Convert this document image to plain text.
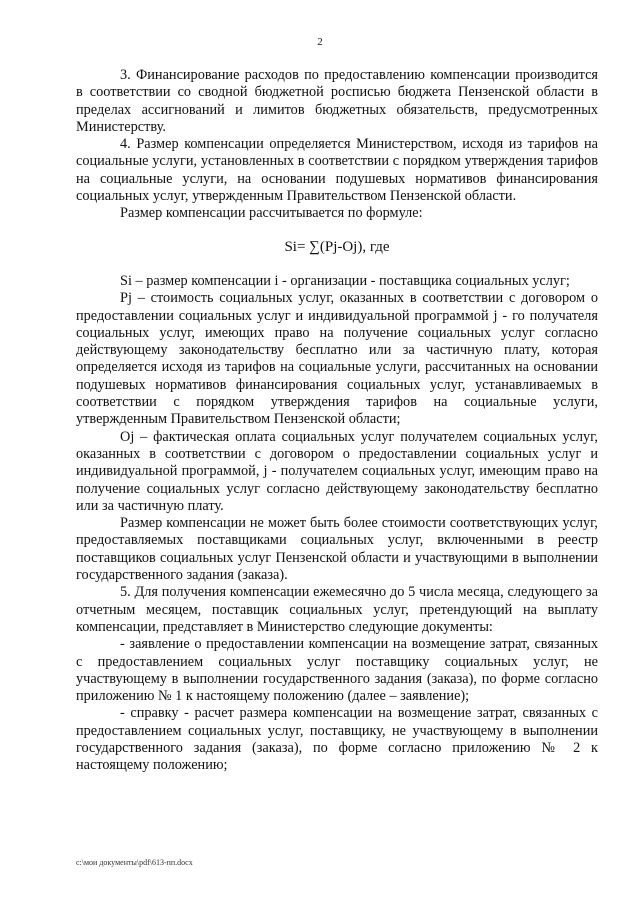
2

3. Финансирование расходов по предоставлению компенсации производится в соответствии со сводной бюджетной росписью бюджета Пензенской области в пределах ассигнований и лимитов бюджетных обязательств, предусмотренных Министерству.

4. Размер компенсации определяется Министерством, исходя из тарифов на социальные услуги, установленных в соответствии с порядком утверждения тарифов на социальные услуги, на основании подушевых нормативов финансирования социальных услуг, утвержденным Правительством Пензенской области.

Размер компенсации рассчитывается по формуле:

Si= ∑(Pj-Oj), где

Si – размер компенсации i - организации - поставщика социальных услуг;

Pj – стоимость социальных услуг, оказанных в соответствии с договором о предоставлении социальных услуг и индивидуальной программой j - го получателя социальных услуг, имеющих право на получение социальных услуг согласно действующему законодательству бесплатно или за частичную плату, которая определяется исходя из тарифов на социальные услуги, рассчитанных на основании подушевых нормативов финансирования социальных услуг, устанавливаемых в соответствии с порядком утверждения тарифов на социальные услуги, утвержденным Правительством Пензенской области;

Oj – фактическая оплата социальных услуг получателем социальных услуг, оказанных в соответствии с договором о предоставлении социальных услуг и индивидуальной программой, j - получателем социальных услуг, имеющим право на получение социальных услуг согласно действующему законодательству бесплатно или за частичную плату.

Размер компенсации не может быть более стоимости соответствующих услуг, предоставляемых поставщиками социальных услуг, включенными в реестр поставщиков социальных услуг Пензенской области и участвующими в выполнении государственного задания (заказа).

5. Для получения компенсации ежемесячно до 5 числа месяца, следующего за отчетным месяцем, поставщик социальных услуг, претендующий на выплату компенсации, представляет в Министерство следующие документы:

- заявление о предоставлении компенсации на возмещение затрат, связанных с предоставлением социальных услуг поставщику социальных услуг, не участвующему в выполнении государственного задания (заказа), по форме согласно приложению № 1 к настоящему положению (далее – заявление);

- справку - расчет размера компенсации на возмещение затрат, связанных с предоставлением социальных услуг, поставщику, не участвующему в выполнении государственного задания (заказа), по форме согласно приложению № 2 к настоящему положению;

c:\мои документы\pdf\613-пп.docx
